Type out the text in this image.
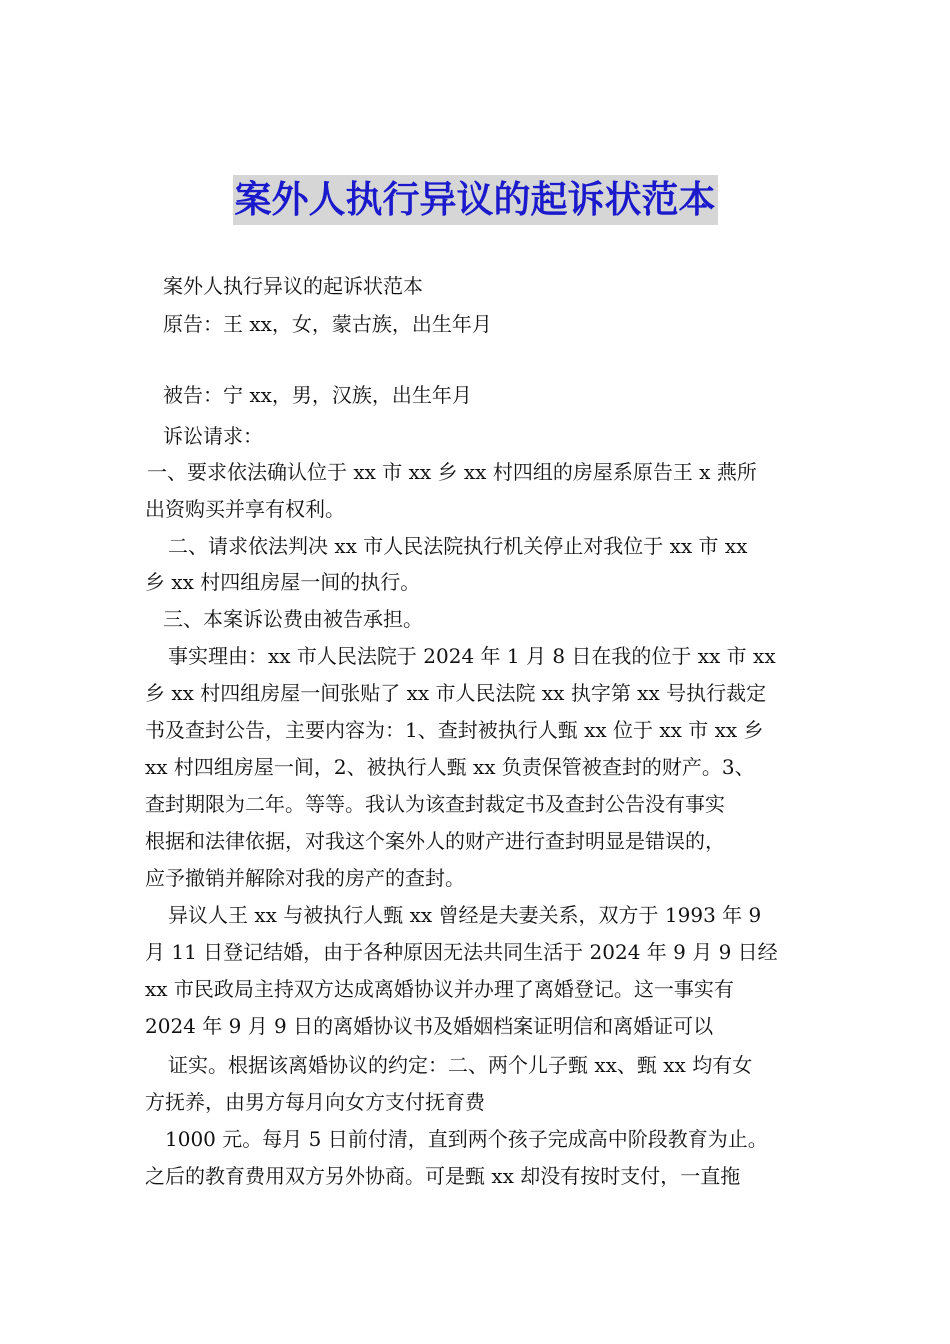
案外人执行异议的起诉状范本
案外人执行异议的起诉状范本
原告：王 xx，女，蒙古族，出生年月
被告：宁 xx，男，汉族，出生年月
诉讼请求：
一、要求依法确认位于 xx 市 xx 乡 xx 村四组的房屋系原告王 x 燕所
出资购买并享有权利。
二、请求依法判决 xx 市人民法院执行机关停止对我位于 xx 市 xx
乡 xx 村四组房屋一间的执行。
三、本案诉讼费由被告承担。
事实理由：xx 市人民法院于 2024 年 1 月 8 日在我的位于 xx 市 xx
乡 xx 村四组房屋一间张贴了 xx 市人民法院 xx 执字第 xx 号执行裁定
书及查封公告，主要内容为：1、查封被执行人甄 xx 位于 xx 市 xx 乡
xx 村四组房屋一间，2、被执行人甄 xx 负责保管被查封的财产。3、
查封期限为二年。等等。我认为该查封裁定书及查封公告没有事实
根据和法律依据，对我这个案外人的财产进行查封明显是错误的，
应予撤销并解除对我的房产的查封。
异议人王 xx 与被执行人甄 xx 曾经是夫妻关系，双方于 1993 年 9
月 11 日登记结婚，由于各种原因无法共同生活于 2024 年 9 月 9 日经
xx 市民政局主持双方达成离婚协议并办理了离婚登记。这一事实有
2024 年 9 月 9 日的离婚协议书及婚姻档案证明信和离婚证可以
证实。根据该离婚协议的约定：二、两个儿子甄 xx、甄 xx 均有女
方抚养，由男方每月向女方支付抚育费
1000 元。每月 5 日前付清，直到两个孩子完成高中阶段教育为止。
之后的教育费用双方另外协商。可是甄 xx 却没有按时支付，一直拖
